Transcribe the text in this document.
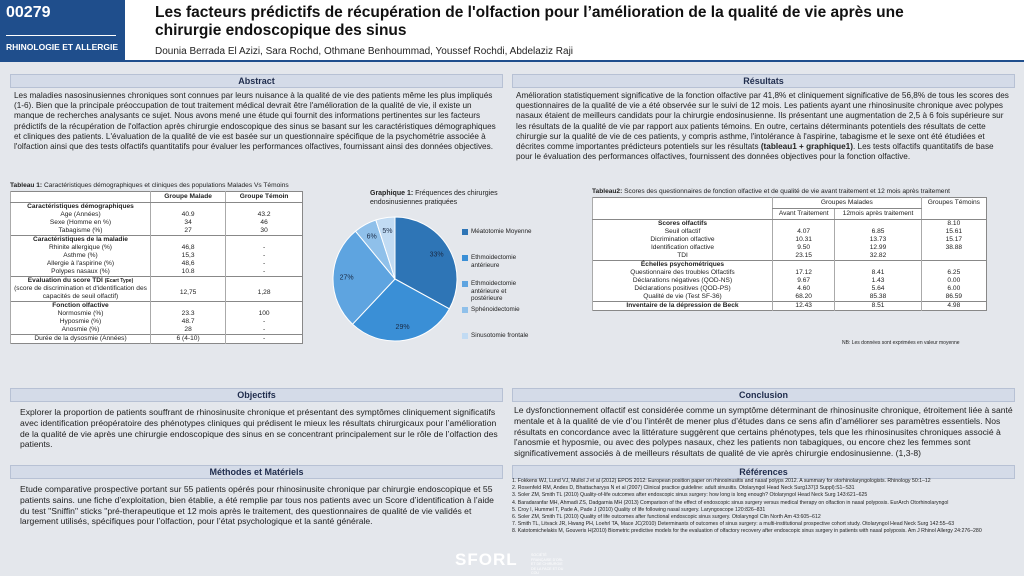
00279
RHINOLOGIE ET ALLERGIE
Les facteurs prédictifs de récupération de l'olfaction pour l’amélioration de la qualité de vie après une chirurgie endoscopique des sinus
Dounia Berrada El Azizi, Sara Rochd, Othmane Benhoummad, Youssef Rochdi, Abdelaziz Raji
Abstract
Les maladies nasosinusiennes chroniques sont connues par leurs nuisance à la qualité de vie des patients même les plus impliqués (1-6). Bien que la principale préoccupation de tout traitement médical devrait être l'amélioration de la qualité de vie, il existe un manque de recherches analysants ce sujet. Nous avons mené une étude qui fournit des informations pertinentes sur les facteurs prédictifs de la récupération de l'olfaction après chirurgie endoscopique des sinus se basant sur les caractéristiques démographiques et cliniques des patients. L'évaluation de la qualité de vie est basée sur un questionnaire spécifique de la psychométrie associée à l'olfaction ainsi que des tests olfactifs quantitatifs pour évaluer les performances olfactives, fournissant ainsi des données objectives.
Résultats
Amélioration statistiquement significative de la fonction olfactive par 41,8% et cliniquement significative de 56,8% de tous les scores des questionnaires de la qualité de vie a été observée sur le suivi de 12 mois. Les patients ayant une rhinosinusite chronique avec polypes nasaux étaient de meilleurs candidats pour la chirurgie endosinusienne. Ils présentant une augmentation de 2,5 à 6 fois supérieure sur les résultats de la qualité de vie par rapport aux patients témoins. En outre, certains déterminants potentiels des résultats de cette chirurgie sur la qualité de vie de ces patients, y compris asthme, l'intolérance à l'aspirine, tabagisme et le sexe ont été étudiées et décrites comme importantes prédicteurs potentiels sur les résultats (tableau1 + graphique1). Les tests olfactifs quantitatifs de base pour le évaluation des performances olfactives, fournissent des données objectives pour la fonction olfactive.
Tableau 1: Caractéristiques démographiques et cliniques des populations Malades Vs Témoins
	Groupe Malade	Groupe Témoin
Caractéristiques démographiques		
Age (Années)	40.9	43.2
Sexe (Homme en %)	34	46
Tabagisme (%)	27	30
Caractéristiques de la maladie		
Rhinite allergique (%)	46,8	-
Asthme (%)	15,3	-
Allergie à l'aspirine (%)	48,6	-
Polypes nasaux (%)	10.8	-
Evaluation du score TDI (Ecart Type)		
(score de discrimination et d'identification des capacités de seuil olfactif)	12,75	1,28
Fonction olfactive		
Normosmie (%)	23.3	100
Hyposmie (%)	48.7	-
Anosmie (%)	28	-
Durée de la dysosmie (Années)	6 (4-10)	-
Graphique 1: Fréquences des chirurgies endosinusiennes pratiquées
33%
29%
27%
6%
5%	Méatotomie Moyenne
Ethmoidectomie antérieure
Ethmoidectomie antérieure et postérieure
Sphénoidectomie
Sinusotomie frontale
Tableau2: Scores des questionnaires de fonction olfactive et de qualité de vie avant traitement et 12 mois après traitement
	Groupes Malades		Groupes Témoins
	Avant Traitement	12mois après traitement	
Scores olfactifs			8.10
Seuil olfactif	4.07	6.85	15.61
Dicrimination olfactive	10.31	13.73	15.17
Identification olfactive	9.50	12.99	38.88
TDI	23.15	32.82	
Échelles psychométriques			
Questionnaire des troubles Olfactifs	17.12	8.41	6.25
Déclarations négatives (QOD-NS)	9.67	1.43	0.00
Déclarations positives (QOD-PS)	4.60	5.64	6.00
Qualité de vie (Test SF-36)	68.20	85.38	86.59
Inventaire de la dépression de Beck	12.43	8.51	4.98
NB: Les données sont exprimées en valeur moyenne
Objectifs
Explorer la proportion de patients souffrant de rhinosinusite chronique et présentant des symptômes cliniquement significatifs avec identification préopératoire des phénotypes cliniques qui prédisent le mieux les résultats chirurgicaux pour l’amélioration de la qualité de vie après une chirurgie endoscopique des sinus en se concentrant principalement sur le rôle de l’olfaction des patients.
Conclusion
Le dysfonctionnement olfactif est considérée comme un symptôme déterminant de rhinosinusite chronique, étroitement liée à santé mentale et à la qualité de vie d’ou l’intérêt de mener plus d’études dans ce sens afin d’améliorer ses paramètres essentiels. Nos résultats en concordance avec la littérature suggèrent que certains phénotypes, tels que les rhinosinusites chroniques associé à l'anosmie et hyposmie, ou avec des polypes nasaux, chez les patients non tabagiques, ou encore chez les femmes sont significativement associés à de meilleurs résultats de qualité de vie après chirurgie endosinusienne. (1,3-8)
Méthodes et Matériels
Etude comparative prospective portant sur 55 patients opérés pour rhinosinusite chronique par chirurgie endoscopique et 55 patients sains. une fiche d’exploitation, bien établie, a été remplie par tous nos patients avec un Score d’identification à l’aide du test "Sniffin" sticks "pré-therapeutique et 12 mois après le traitement, des questionnaires de qualité de vie validés et largement utilisés, spécifiques pour l’olfaction, pour l’état psychologique et la santé générale.
Références
1. Fokkens WJ, Lund VJ, Mullol J et al (2012) EPOS 2012: European position paper on rhinosinusitis and nasal polyps 2012. A summary for otorhinolaryngologists. Rhinology 50:1–12
2. Rosenfeld RM, Andes D, Bhattacharyya N et al (2007) Clinical practice guideline: adult sinusitis. Otolaryngol Head Neck Surg137(3 Suppl):S1–S31
3. Soler ZM, Smith TL (2010) Quality-of-life outcomes after endoscopic sinus surgery: how long is long enough? Otolaryngol Head Neck Surg 143:621–625
4. Baradaranfar MH, Ahmadi ZS, Dadgarnia MH (2013) Comparison of the effect of endoscopic sinus surgery versus medical therapy on olfaction in nasal polyposis. EurArch Otorhinolaryngol
5. Croy I, Hummel T, Pade A, Pade J (2010) Quality of life following nasal surgery. Laryngoscope 120:826–831
6. Soler ZM, Smith TL (2010) Quality of life outcomes after functional endoscopic sinus surgery. Otolaryngol Clin North Am 43:605–612
7. Smith TL, Litvack JR, Hwang PH, Loehrl TA, Mace JC(2010) Determinants of outcomes of sinus surgery: a multi-institutional prospective cohort study. Otolaryngol Head Neck Surg 142:55–63
8. Katotomichelakis M, Gouveris H(2010) Biometric predictive models for the evaluation of olfactory recovery after endoscopic sinus surgery in patients with nasal polyposis. Am J Rhinol Allergy 24:276–280
SFORL	SOCIÉTÉ FRANÇAISE D'ORL ET DE CHIRURGIE DE LA FACE ET DU COU
